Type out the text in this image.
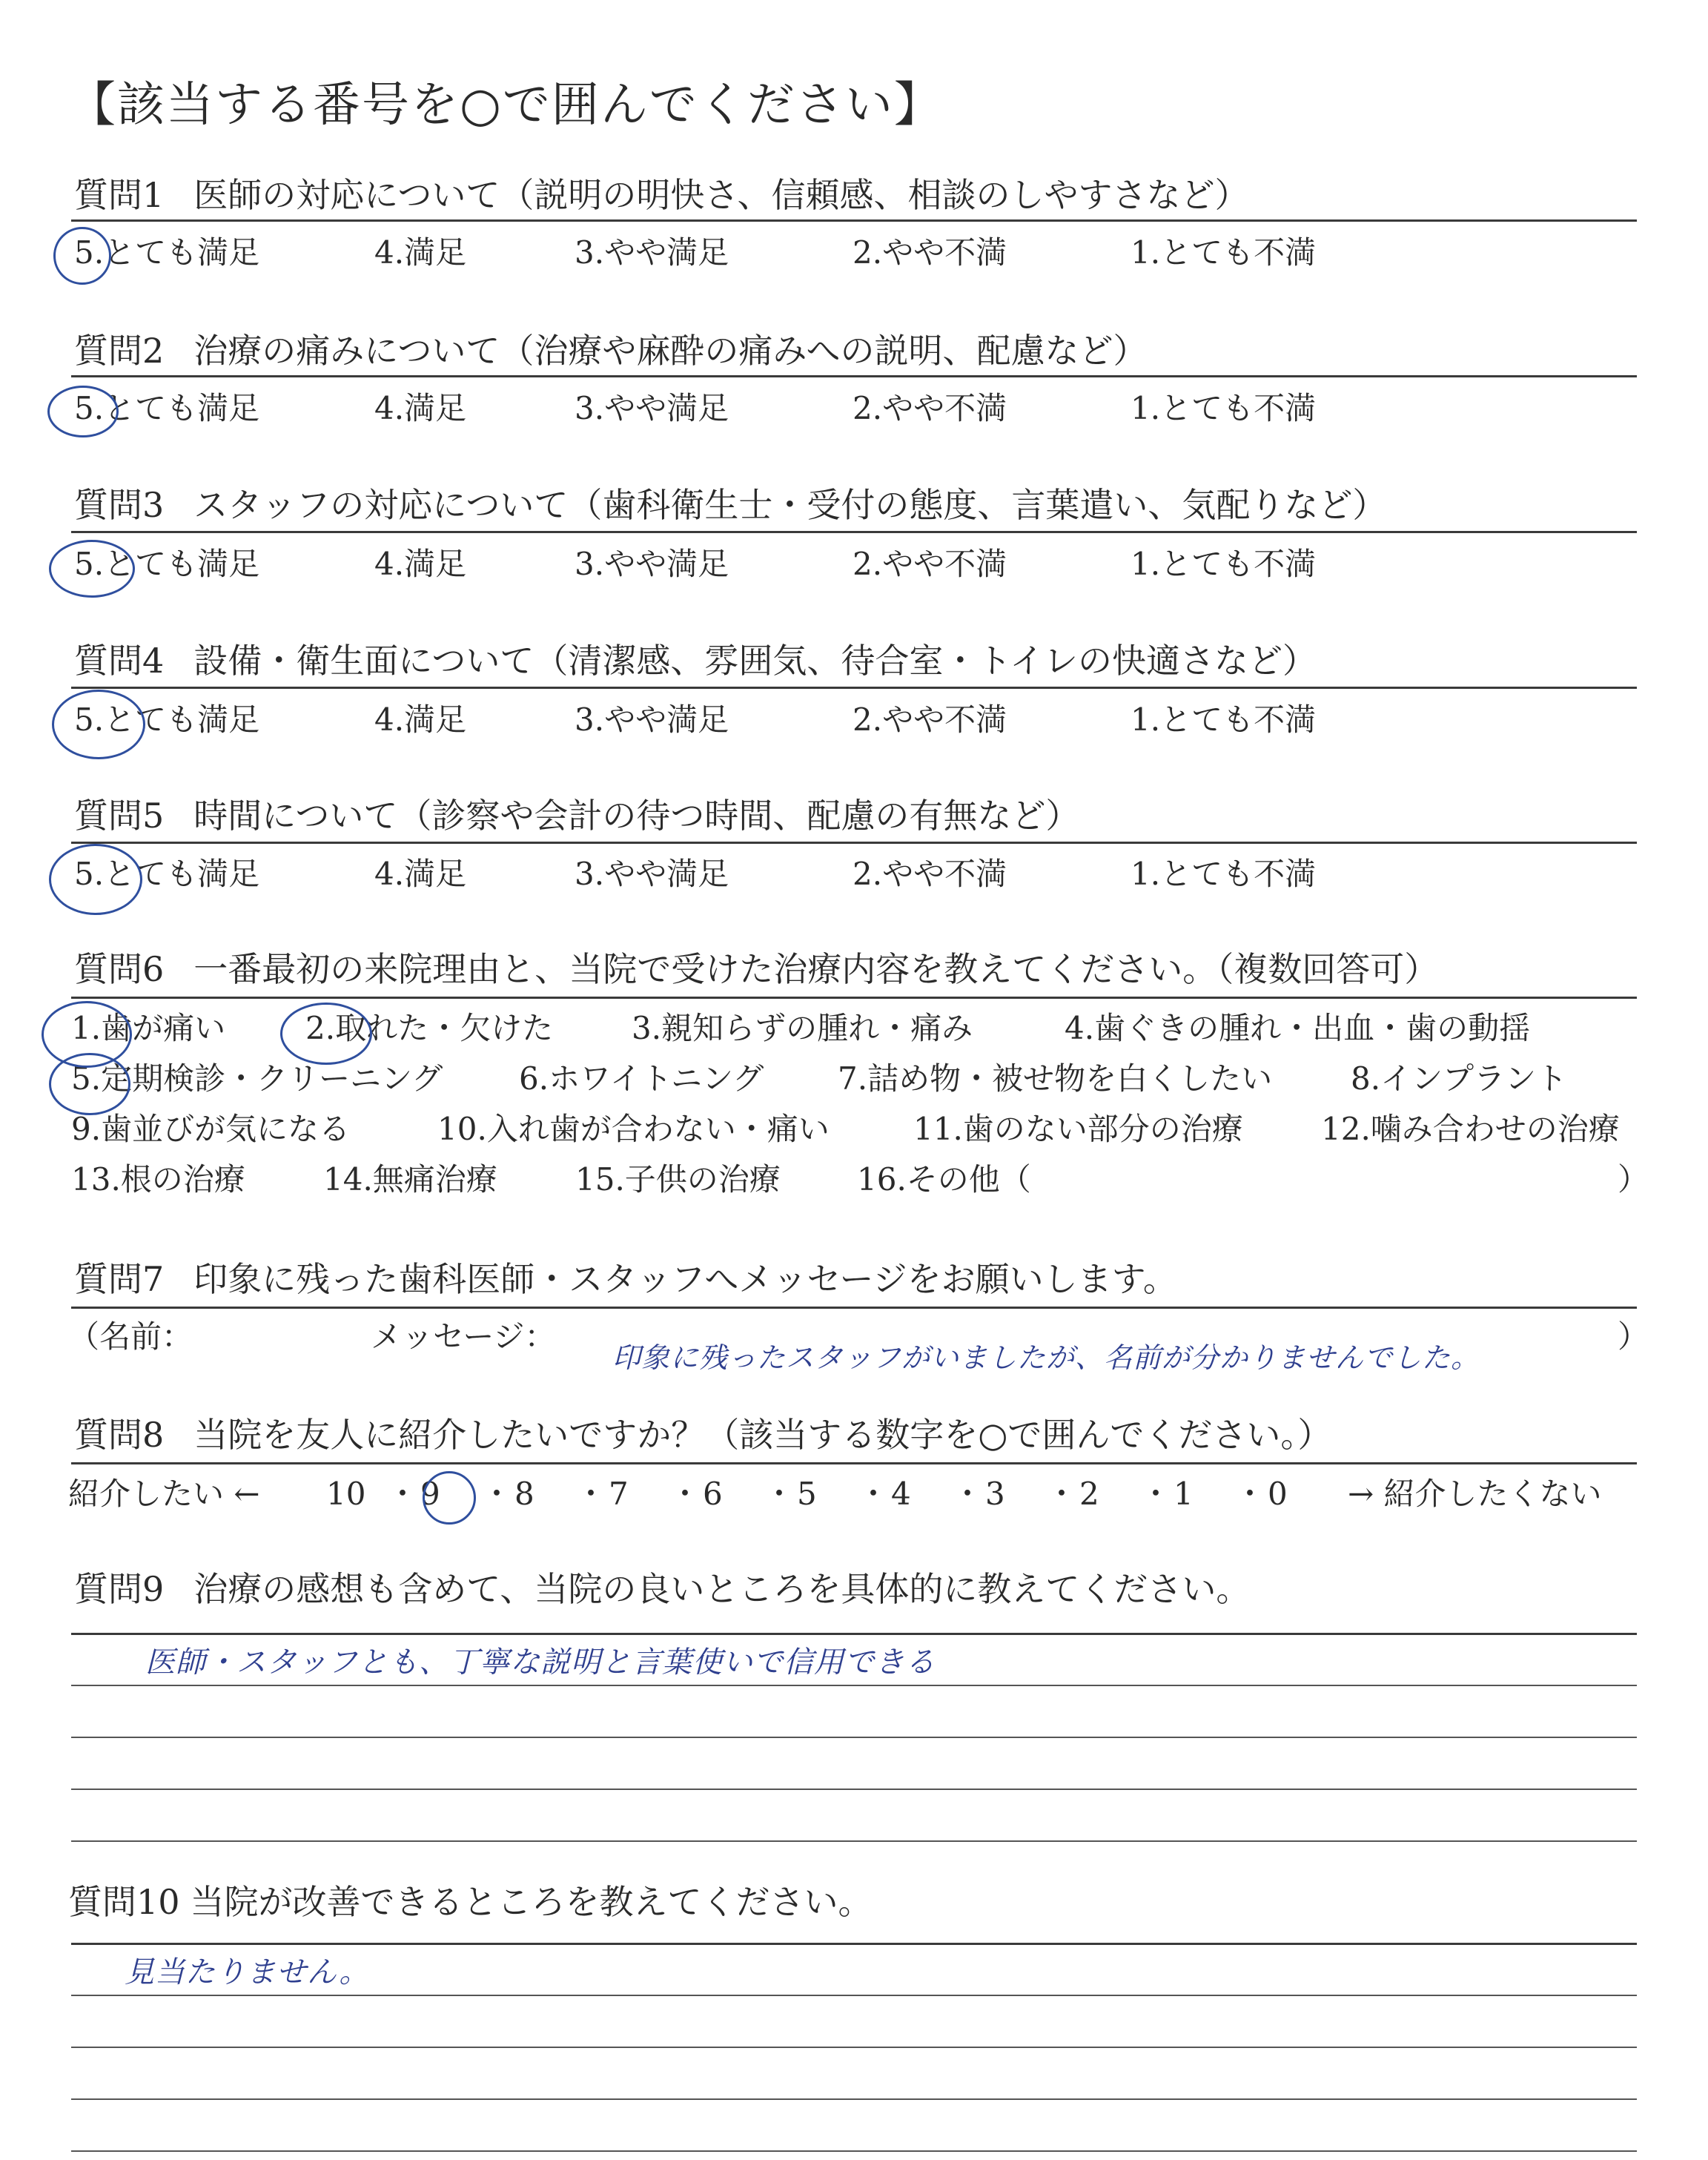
【該当する番号を○で囲んでください】
質問1 医師の対応について（説明の明快さ、信頼感、相談のしやすさなど）
5.とても満足	4.満足	3.やや満足	2.やや不満	1.とても不満
質問2 治療の痛みについて（治療や麻酔の痛みへの説明、配慮など）
5.とても満足	4.満足	3.やや満足	2.やや不満	1.とても不満
質問3 スタッフの対応について（歯科衛生士・受付の態度、言葉遣い、気配りなど）
5.とても満足	4.満足	3.やや満足	2.やや不満	1.とても不満
質問4 設備・衛生面について（清潔感、雰囲気、待合室・トイレの快適さなど）
5.とても満足	4.満足	3.やや満足	2.やや不満	1.とても不満
質問5 時間について（診察や会計の待つ時間、配慮の有無など）
5.とても満足	4.満足	3.やや満足	2.やや不満	1.とても不満
質問6 一番最初の来院理由と、当院で受けた治療内容を教えてください。（複数回答可）
1.歯が痛い	2.取れた・欠けた	3.親知らずの腫れ・痛み	4.歯ぐきの腫れ・出血・歯の動揺
5.定期検診・クリーニング 6.ホワイトニング 7.詰め物・被せ物を白くしたい	8.インプラント
9.歯並びが気になる	10.入れ歯が合わない・痛い	11.歯のない部分の治療	12.噛み合わせの治療
13.根の治療	14.無痛治療	15.子供の治療 16.その他（	）
質問7 印象に残った歯科医師・スタッフへメッセージをお願いします。
（名前：	メッセージ：
印象に残ったスタッフがいましたが、名前が分かりませんでした。
）
質問8 当院を友人に紹介したいですか？（該当する数字を○で囲んでください。）
紹介したい ← 10 ・ 9 ・ 8 ・ 7 ・ 6 ・ 5 ・ 4 ・ 3 ・ 2 ・ 1 ・ 0 → 紹介したくない
質問9 治療の感想も含めて、当院の良いところを具体的に教えてください。
医師・スタッフとも、丁寧な説明と言葉使いで信用できる
質問10 当院が改善できるところを教えてください。
見当たりません。
